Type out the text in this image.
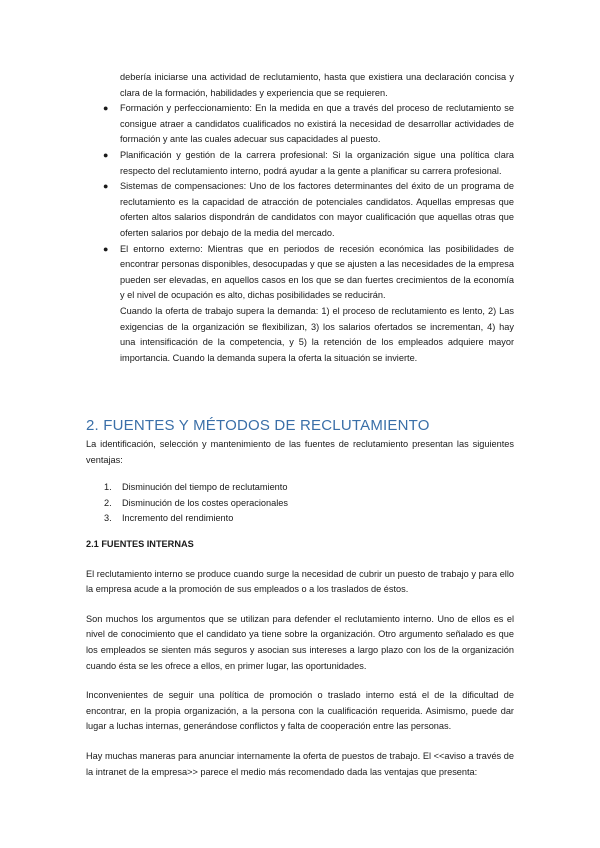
debería iniciarse una actividad de reclutamiento, hasta que existiera una declaración concisa y clara de la formación, habilidades y experiencia que se requieren.
● Formación y perfeccionamiento: En la medida en que a través del proceso de reclutamiento se consigue atraer a candidatos cualificados no existirá la necesidad de desarrollar actividades de formación y ante las cuales adecuar sus capacidades al puesto.
● Planificación y gestión de la carrera profesional: Si la organización sigue una política clara respecto del reclutamiento interno, podrá ayudar a la gente a planificar su carrera profesional.
● Sistemas de compensaciones: Uno de los factores determinantes del éxito de un programa de reclutamiento es la capacidad de atracción de potenciales candidatos. Aquellas empresas que oferten altos salarios dispondrán de candidatos con mayor cualificación que aquellas otras que oferten salarios por debajo de la media del mercado.
● El entorno externo: Mientras que en periodos de recesión económica las posibilidades de encontrar personas disponibles, desocupadas y que se ajusten a las necesidades de la empresa pueden ser elevadas, en aquellos casos en los que se dan fuertes crecimientos de la economía y el nivel de ocupación es alto, dichas posibilidades se reducirán.
Cuando la oferta de trabajo supera la demanda: 1) el proceso de reclutamiento es lento, 2) Las exigencias de la organización se flexibilizan, 3) los salarios ofertados se incrementan, 4) hay una intensificación de la competencia, y 5) la retención de los empleados adquiere mayor importancia. Cuando la demanda supera la oferta la situación se invierte.
2. FUENTES Y MÉTODOS DE RECLUTAMIENTO
La identificación, selección y mantenimiento de las fuentes de reclutamiento presentan las siguientes ventajas:
1. Disminución del tiempo de reclutamiento
2. Disminución de los costes operacionales
3. Incremento del rendimiento
2.1 FUENTES INTERNAS
El reclutamiento interno se produce cuando surge la necesidad de cubrir un puesto de trabajo y para ello la empresa acude a la promoción de sus empleados o a los traslados de éstos.
Son muchos los argumentos que se utilizan para defender el reclutamiento interno. Uno de ellos es el nivel de conocimiento que el candidato ya tiene sobre la organización. Otro argumento señalado es que los empleados se sienten más seguros y asocian sus intereses a largo plazo con los de la organización cuando ésta se les ofrece a ellos, en primer lugar, las oportunidades.
Inconvenientes de seguir una política de promoción o traslado interno está el de la dificultad de encontrar, en la propia organización, a la persona con la cualificación requerida. Asimismo, puede dar lugar a luchas internas, generándose conflictos y falta de cooperación entre las personas.
Hay muchas maneras para anunciar internamente la oferta de puestos de trabajo. El <<aviso a través de la intranet de la empresa>> parece el medio más recomendado dada las ventajas que presenta:
